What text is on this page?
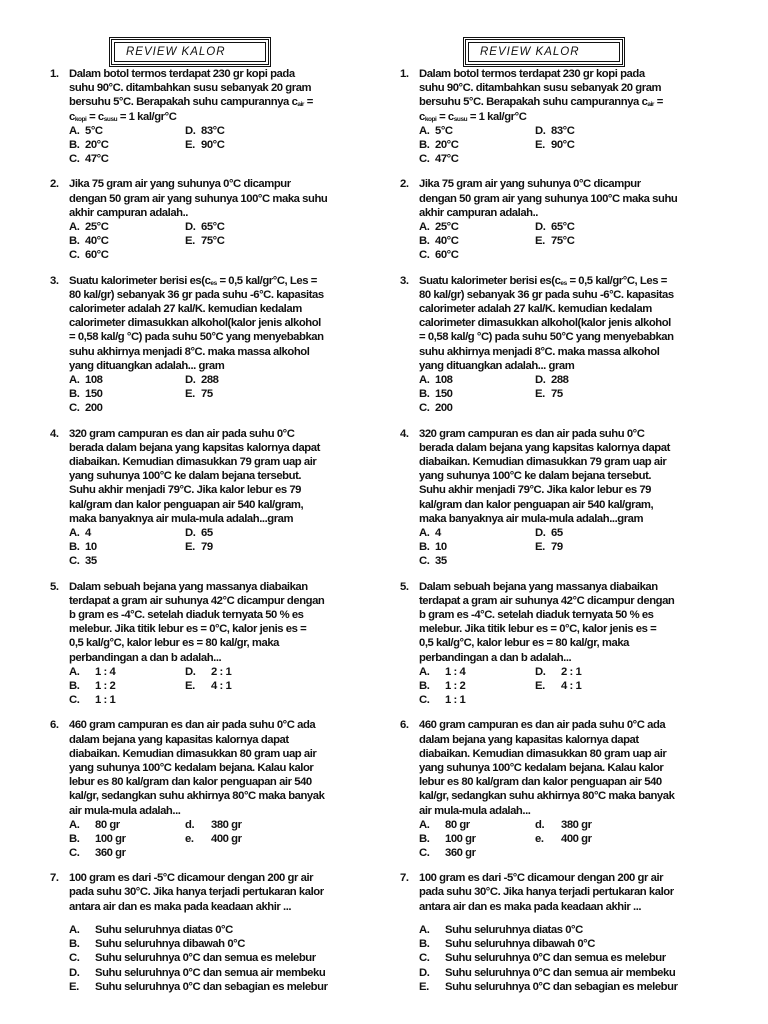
REVIEW KALOR
1. Dalam botol termos terdapat 230 gr kopi pada
suhu 90°C. ditambahkan susu sebanyak 20 gram
bersuhu 5°C. Berapakah suhu campurannya $c_{air}$ =
$c_{kopi} = c_{susu} = 1$ kal/gr°C
A. 5°C
B. 20°C
C. 47°C
D. 83°C
E. 90°C
2. Jika 75 gram air yang suhunya 0°C dicampur
dengan 50 gram air yang suhunya 100°C maka suhu
akhir campuran adalah..
A. 25°C
B. 40°C
C. 60°C
D. 65°C
E. 75°C
3. Suatu kalorimeter berisi $es(c_{es} = 0,5$ kal/gr°C, Les =
80 kal/gr) sebanyak 36 gr pada suhu -6°C. kapasitas
calorimeter adalah 27 kal/K. kemudian kedalam
calorimeter dimasukkan alkohol(kalor jenis alkohol
= 0,58 kal/g °C) pada suhu 50°C yang menyebabkan
suhu akhirnya menjadi 8°C. maka massa alkohol
yang dituangkan adalah... gram
A. 108
B. 150
C. 200
D. 288
E. 75
4. 320 gram campuran es dan air pada suhu 0°C
berada dalam bejana yang kapsitas kalornya dapat
diabaikan. Kemudian dimasukkan 79 gram uap air
yang suhunya 100°C ke dalam bejana tersebut.
Suhu akhir menjadi 79°C. Jika kalor lebur es 79
kal/gram dan kalor penguapan air 540 kal/gram,
maka banyaknya air mula-mula adalah...gram
A. 4
B. 10
C. 35
D. 65
E. 79
5. Dalam sebuah bejana yang massanya diabaikan
terdapat a gram air suhunya 42°C dicampur dengan
b gram es -4°C. setelah diaduk ternyata 50 % es
melebur. Jika titik lebur es = 0°C, kalor jenis es =
0,5 kal/g°C, kalor lebur es = 80 kal/gr, maka
perbandingan a dan b adalah...
A. 1 : 4
B. 1 : 2
C. 1 : 1
D. 2 : 1
E. 4 : 1
6. 460 gram campuran es dan air pada suhu 0°C ada
dalam bejana yang kapasitas kalornya dapat
diabaikan. Kemudian dimasukkan 80 gram uap air
yang suhunya 100°C kedalam bejana. Kalau kalor
lebur es 80 kal/gram dan kalor penguapan air 540
kal/gr, sedangkan suhu akhirnya 80°C maka banyak
air mula-mula adalah...
A. 80 gr
B. 100 gr
C. 360 gr
d. 380 gr
e. 400 gr
7. 100 gram es dari -5°C dicamour dengan 200 gr air
pada suhu 30°C. Jika hanya terjadi pertukaran kalor
antara air dan es maka pada keadaan akhir ...
A. Suhu seluruhnya diatas 0°C
B. Suhu seluruhnya dibawah 0°C
C. Suhu seluruhnya 0°C dan semua es melebur
D. Suhu seluruhnya 0°C dan semua air membeku
E. Suhu seluruhnya 0°C dan sebagian es melebur
REVIEW KALOR
1. Dalam botol termos terdapat 230 gr kopi pada
suhu 90°C. ditambahkan susu sebanyak 20 gram
bersuhu 5°C. Berapakah suhu campurannya $c_{air}$ =
$c_{kopi} = c_{susu} = 1$ kal/gr°C
A. 5°C
B. 20°C
C. 47°C
D. 83°C
E. 90°C
2. Jika 75 gram air yang suhunya 0°C dicampur
dengan 50 gram air yang suhunya 100°C maka suhu
akhir campuran adalah..
A. 25°C
B. 40°C
C. 60°C
D. 65°C
E. 75°C
3. Suatu kalorimeter berisi $es(c_{es} = 0,5$ kal/gr°C, Les =
80 kal/gr) sebanyak 36 gr pada suhu -6°C. kapasitas
calorimeter adalah 27 kal/K. kemudian kedalam
calorimeter dimasukkan alkohol(kalor jenis alkohol
= 0,58 kal/g °C) pada suhu 50°C yang menyebabkan
suhu akhirnya menjadi 8°C. maka massa alkohol
yang dituangkan adalah... gram
A. 108
B. 150
C. 200
D. 288
E. 75
4. 320 gram campuran es dan air pada suhu 0°C
berada dalam bejana yang kapsitas kalornya dapat
diabaikan. Kemudian dimasukkan 79 gram uap air
yang suhunya 100°C ke dalam bejana tersebut.
Suhu akhir menjadi 79°C. Jika kalor lebur es 79
kal/gram dan kalor penguapan air 540 kal/gram,
maka banyaknya air mula-mula adalah...gram
A. 4
B. 10
C. 35
D. 65
E. 79
5. Dalam sebuah bejana yang massanya diabaikan
terdapat a gram air suhunya 42°C dicampur dengan
b gram es -4°C. setelah diaduk ternyata 50 % es
melebur. Jika titik lebur es = 0°C, kalor jenis es =
0,5 kal/g°C, kalor lebur es = 80 kal/gr, maka
perbandingan a dan b adalah...
A. 1 : 4
B. 1 : 2
C. 1 : 1
D. 2 : 1
E. 4 : 1
6. 460 gram campuran es dan air pada suhu 0°C ada
dalam bejana yang kapasitas kalornya dapat
diabaikan. Kemudian dimasukkan 80 gram uap air
yang suhunya 100°C kedalam bejana. Kalau kalor
lebur es 80 kal/gram dan kalor penguapan air 540
kal/gr, sedangkan suhu akhirnya 80°C maka banyak
air mula-mula adalah...
A. 80 gr
B. 100 gr
C. 360 gr
d. 380 gr
e. 400 gr
7. 100 gram es dari -5°C dicamour dengan 200 gr air
pada suhu 30°C. Jika hanya terjadi pertukaran kalor
antara air dan es maka pada keadaan akhir ...
A. Suhu seluruhnya diatas 0°C
B. Suhu seluruhnya dibawah 0°C
C. Suhu seluruhnya 0°C dan semua es melebur
D. Suhu seluruhnya 0°C dan semua air membeku
E. Suhu seluruhnya 0°C dan sebagian es melebur
